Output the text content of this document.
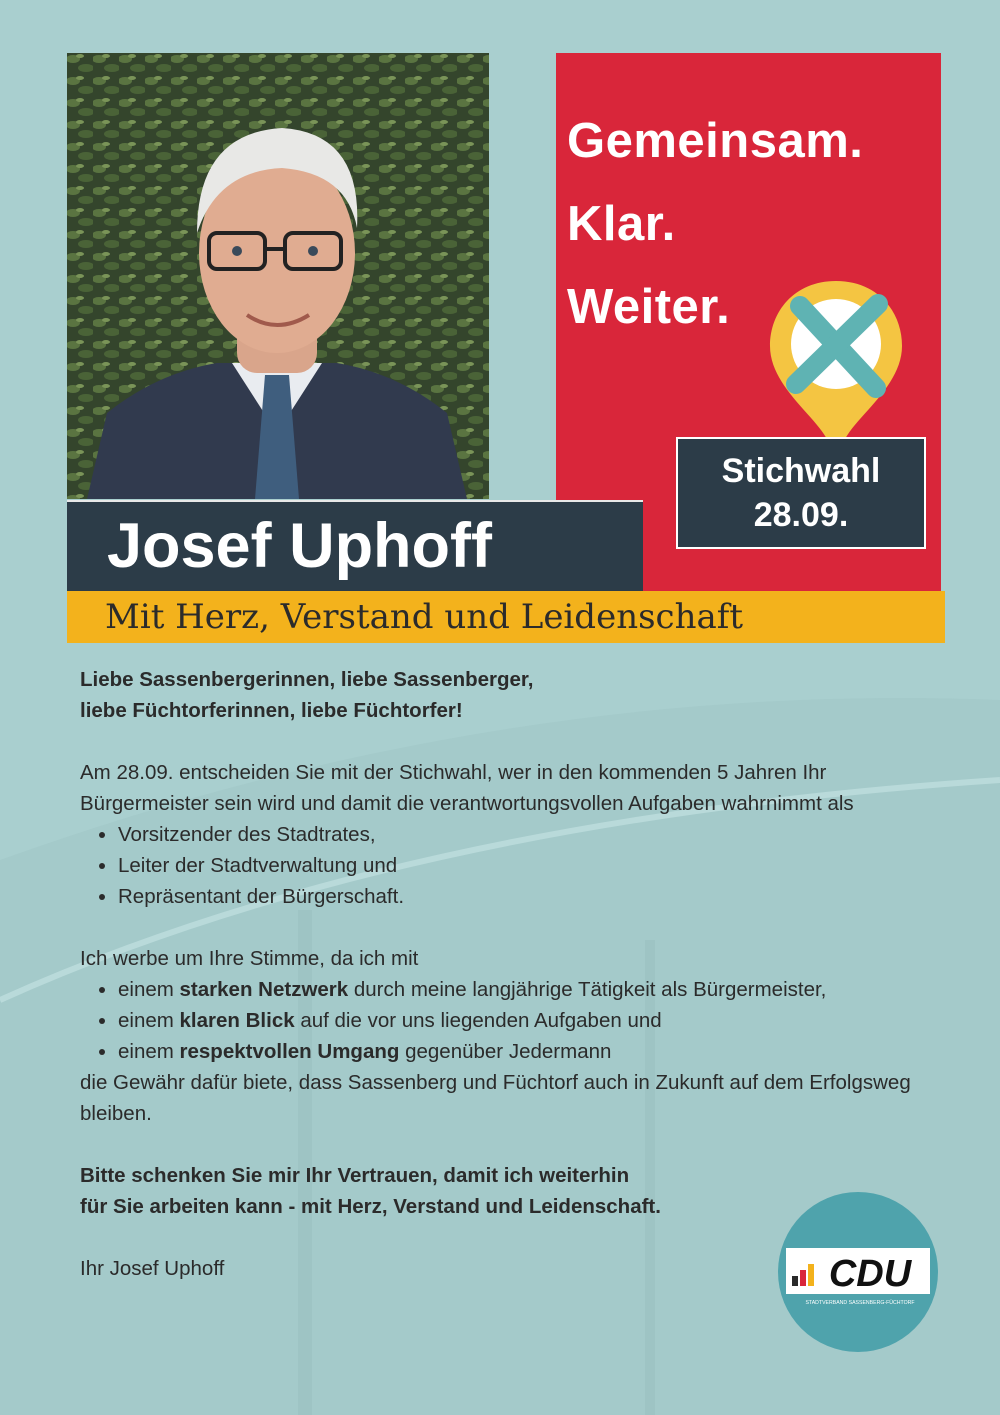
Gemeinsam.
Klar.
Weiter.
Stichwahl
28.09.
Josef Uphoff
Mit Herz, Verstand und Leidenschaft

Liebe Sassenbergerinnen, liebe Sassenberger,

liebe Füchtorferinnen, liebe Füchtorfer!

Am 28.09. entscheiden Sie mit der Stichwahl, wer in den kommenden 5 Jahren Ihr Bürgermeister sein wird und damit die verantwortungsvollen Aufgaben wahrnimmt als

• Vorsitzender des Stadtrates,
• Leiter der Stadtverwaltung und
• Repräsentant der Bürgerschaft.

Ich werbe um Ihre Stimme, da ich mit

• einem starken Netzwerk durch meine langjährige Tätigkeit als Bürgermeister,
• einem klaren Blick auf die vor uns liegenden Aufgaben und
• einem respektvollen Umgang gegenüber Jedermann

die Gewähr dafür biete, dass Sassenberg und Füchtorf auch in Zukunft auf dem Erfolgsweg bleiben.

Bitte schenken Sie mir Ihr Vertrauen, damit ich weiterhin

für Sie arbeiten kann - mit Herz, Verstand und Leidenschaft.

Ihr Josef Uphoff	CDU
STADTVERBAND SASSENBERG-FÜCHTORF
